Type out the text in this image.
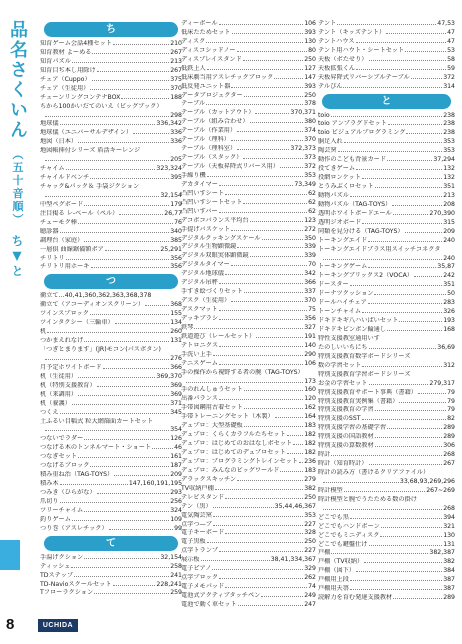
品名さくいん （五十音順） ち▼と
8	UCHIDA
ち
知育ゲーム会話4種セット	210
知育教材 よーめる	267
知育パズル	213
知育目ぢ本し用除け	267
チェア（Cuppo）	375
チェア（生徒用）	370
チェーンリングコンテナBOX	188
ちから100かいだてのいえ（ビッグブック）
298
地球儀	336,342
地球儀（ユニバーサルデザイン）	336
地図（日本）	336
地図帳挿付シリーズ 盾活キーレンジ
205
チャイム	323,324
チャイルドベンチ	395
チャック&パック＆ 手袋ジクション
32,154
中型ペグボード	179
注目掲る レ-ベール（ペル）	26,77
チューモク棒	76
聴診器	340
調理台（家庭）	385
一層倶 曲線鋸備額ポア	25,291
チリトリ	356
チリトリ用ホーキ	356
つ
衝立て…40,41,360,362,363,368,378
衝立て（アコーディオンスクリーン）	368
ツインスプロック	155
ツインタクシー（三輪車）	134
机	260
つかまえれなげ	131
「つぎとまります」(JR)モコン(パスボタン)
276
月予定ホワイトボード	366
机（生徒用）	369,370
机（特別支援教育）	369
机（来調用）	369
机（養護）	371
つくえ	345
土ふるい目幅式 粒大網篩面カートセット
354
つないでラダー	126
つなげる木のトンネルマート・ショート	46
つなぎセット	161
つなげるブロック	187
積み重ね治（TAG-TOYS）	209
積み木	147,160,191,195
つみき（ひらがな）	293
爪切り	256
ツリーチャイム	324
釣りゲーム	109
つり巻（アスレチック）	99
て
手湯げクション	32,154
ティッシュ	258
TDステップ	241
TD-Navioスクールセット	228,241
Tフローラクション	259
ディーボール	106
低床たためセット	393
ディスク	130
ディスコシッドノー	80
ディスプレイスタンド	250
低鉄上人	127
低床劇当用アスレチックブロック	147
低反発ユニット器	393
データブロジェクター	250
テーブル	378
テーブル（カットアウト）	370,371
テーブル（組み合わせ）	380
テーブル（作業用）	374
テーブル（理科）	370
テーブル（理科室）	372,373
テーブル（スタック）	373
テーブル（天板昇降式リバース用）	372
手繰り機	353
デカタイマー	73,349
凸凹いすシート	62
凸凹いすシートセット	62
凸凹いすバー	62
デコボコバランス平均台	123
手提げバスケット	272
デジタルクッキングスケール	350
デジタル生物顕微鏡	339
デジタル双眼実体顕微鏡	339
デジタルタイマー	70
デジタル地球儀	342
デジタル吊秤	366
手すき絵づくりセット	337
デスク（生徒用）	370
デスクマット	75
デッキブラシ	356
鉄琴	327
鉄道遊び（レールセット）	191
テトロニクス	140
手洗い上手	290
テニスゲーム	106
手の操作から視野する者の腕（TAG-TOYS）
173
手のれんしゅうセット	160
出番パランス	120
手帯図鋼用古着セット	162
手帯トレーニングセット（木製）	164
デュプロ：大型基礎板	183
デュプロ：くらくカラフルたちセット	182
デュプロ：はじめてのおはなしボセット 182
デュプロ：はじめてのデュプロセット	182
デュプロ：プログラミングトレインセット 236
デュプロ：みんなのビッグワールド	183
デラックスキッチン	279
TV収納戸棚	382
テレビスタンド	250
テン（黒）	35,44,46,367
電気陶芸窯	353
点字つ—ブ	227
電子キーボード	328
電子黒板	250
点字トランプ	227
展示板	38,41,334,367
電子ピアノ	329
点字プロック	262
電子メモパッド	74
電池式アクティブタッチペン	249
電池で動く車セット	247
テント	47,53
テント（キッズテント）	47
テントハウス	47
テント用ハウト・シートセット	53
天板（ボたせり）	58
天板拡張くん	59
天板昇降式リバーシブルテーブル	372
テルぴん	314
と
toio	238
toio アンプラグドセット	238
toio ビジュアルプログラミング	238
胴足入れ	353
陶芸窯	353
動作のこども背景カード	37,294
投てきゲーム	132
投網ロンケット	132
とうみぶくロセット	351
動物パズル	213
動物パズル（TAG-TOYS）	208
透明ホワイトボードエール	270,390
透明ジオボード	315
同類を見分ける（TAG-TOYS）	209
トーキングエイド	240
トーキングエイドプラス用スイッチコネクタ
240
トーキングゲーム	35,87
トーキングブリックス2（VOCA）	242
ドースター	351
ドーナツクッション	50
ドールハイチェア	283
トーンチャイム	326
ドキドキギ八ハいぱいセット	193
ドキドキビンボン輪通し	168
特性支援教室通用いす
たのしいいちにち	36,69
特別支援教育数字ボードシリーズ
数の学習セット	312
特別支援教育学習ボードシリーズ
お金の学習セット	279,317
特別支援教育サポート事典（書籍）	79
特別支援教育実例集（書籍）	79
特別支援教育の学習	79
特別支援のSST	82
特別支援学習の基礎学習	289
特別支援の国語教材	289
特別支援の算数教材	306
時計	268
時計（知育時計）	267
時計の読み方（書けるクリアファイル）
33,68,93,269,296
時計模型	267~269
時計模型と腕でうたためる数の掛け
268
どこでも黒	394
どこでもハンドボーン	321
どこでもミニディスク	130
どこでも鍵盤仕け	131
戸棚	382,387
戸棚（TV収納）	382
戸棚（図下）	384
戸棚用上段	387
戸棚用天箒	387
読解力を育む発達支援教材	289
